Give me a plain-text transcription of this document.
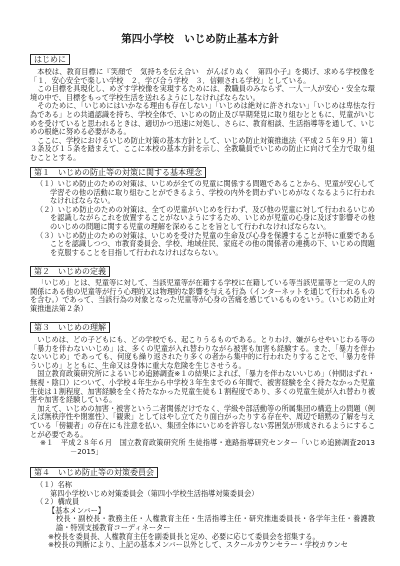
第四小学校　いじめ防止基本方針
はじめに

本校は、教育目標に『笑顔で　気持ちを伝え合い　がんばりぬく　第四小子』を掲げ、求める学校像を「１．安心安全で楽しい学校　２．学び合う学校　３．信頼される学校」としている。

この目標を具現化し、めざす学校像を実現するためには、教職員のみならず、一人一人が安心・安全な環境の中で、目標をもって学校生活を送れるようにしなければならない。

そのために、「いじめにはいかなる理由も存在しない」「いじめは絶対に許されない」「いじめは卑怯な行為である」との共通認識を持ち、学校全体で、いじめの防止及び早期発見に取り組むとともに、児童がいじめを受けていると思われるときは、適切かつ迅速に対処し、さらに、教育相談、生活指導等を通して、いじめの根絶に努める必要がある。

ここに、学校におけるいじめ防止対策の基本方針として、いじめ防止対策推進法（平成２５年９月）第１３条及び１５条を踏まえて、ここに本校の基本方針を示し、全教職員でいじめの防止に向けて全力で取り組むこととする。

第１　いじめの防止等の対策に関する基本理念
（１）いじめ防止のための対策は、いじめが全ての児童に関係する問題であることから、児童が安心して学習その他の活動に取り組むことができるよう、学校の内外を問わずいじめがなくなるように行われなければならない。
（２）いじめ防止のための対策は、全ての児童がいじめを行わず、及び他の児童に対して行われるいじめを認識しながらこれを放置することがないようにするため、いじめが児童の心身に及ぼす影響その他のいじめの問題に関する児童の理解を深めることを旨として行われなければならない。
（３）いじめ防止のための対策は、いじめを受けた児童の生命及び心身を保護することが特に重要であることを認識しつつ、市教育委員会、学校、地域住民、家庭その他の関係者の連携の下、いじめの問題を克服することを目指して行われなければならない。
第２　いじめの定義

「いじめ」とは、児童等に対して、当該児童等が在籍する学校に在籍している等当該児童等と一定の人的関係にある他の児童等が行う心理的又は物理的な影響を与える行為（インターネットを通じて行われるものを含む。）であって、当該行為の対象となった児童等が心身の苦痛を感じているものをいう。（いじめ防止対策推進法第２条）

第３　いじめの理解

いじめは、どの子どもにも、どの学校でも、起こりうるものである。とりわけ、嫌がらせやいじわる等の「暴力を伴わないいじめ」は、多くの児童が入れ替わりながら被害も加害も経験する。また、「暴力を伴わないいじめ」であっても、何度も繰り返されたり多くの者から集中的に行われたりすることで、「暴力を伴ういじめ」とともに、生命又は身体に重大な危険を生じさせうる。

国立教育政策研究所によるいじめ追跡調査※１の結果によれば、「暴力を伴わないいじめ」（仲間はずれ・無視・陰口）について、小学校４年生から中学校３年生までの６年間で、被害経験を全く持たなかった児童生徒は１割程度、加害経験を全く持たなかった児童生徒も１割程度であり、多くの児童生徒が入れ替わり被害や加害を経験している。

加えて、いじめの加害・被害という二者関係だけでなく、学級や部活動等の所属集団の構造上の問題（例えば無秩序性や閉塞性）、「観衆」としてはやし立てたり面白がったりする存在や、周辺で暗黙の了解を与えている「傍観者」の存在にも注意を払い、集団全体にいじめを許容しない雰囲気が形成されるようにすることが必要である。

※１　平成２８年６月　国立教育政策研究所 生徒指導・進路指導研究センター「いじめ追跡調査2013－2015」
第４　いじめ防止等の対策委員会
（１）名称
第四小学校いじめ対策委員会（第四小学校生活指導対策委員会）
（２）構成員
【基本メンバー】
校長・副校長・教務主任・人権教育主任・生活指導主任・研究推進委員長・各学年主任・養護教諭・特別支援教育コーディネーター
※校長を委員長、人権教育主任を副委員長と定め、必要に応じて委員会を招集する。
※校長の判断により、上記の基本メンバー以外として、スクールカウンセラー・学校カウンセ
